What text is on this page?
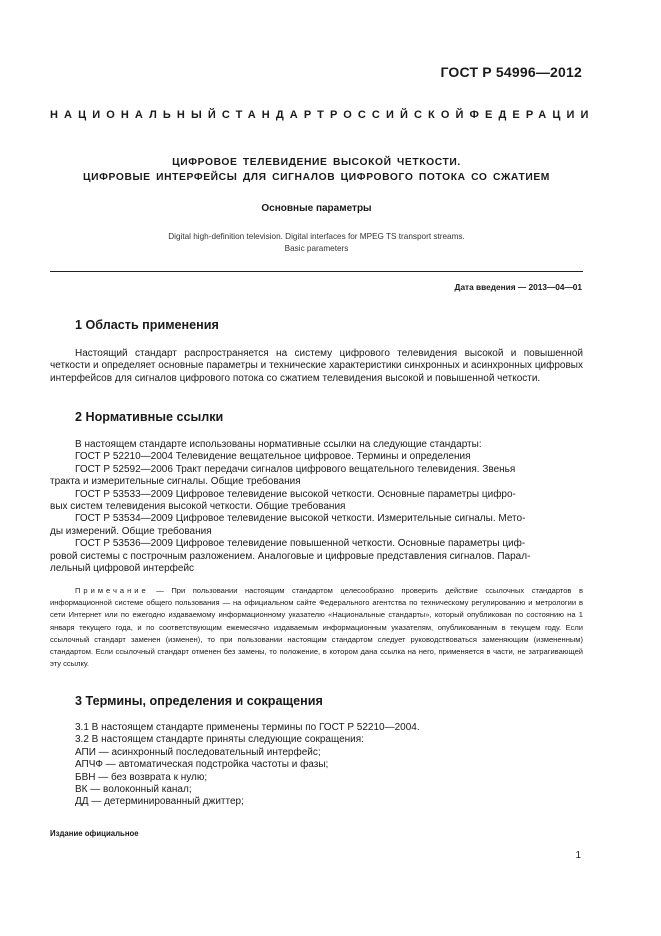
ГОСТ Р 54996—2012
НАЦИОНАЛЬНЫЙ СТАНДАРТ РОССИЙСКОЙ ФЕДЕРАЦИИ
ЦИФРОВОЕ ТЕЛЕВИДЕНИЕ ВЫСОКОЙ ЧЕТКОСТИ.
ЦИФРОВЫЕ ИНТЕРФЕЙСЫ ДЛЯ СИГНАЛОВ ЦИФРОВОГО ПОТОКА СО СЖАТИЕМ
Основные параметры
Digital high-definition television. Digital interfaces for MPEG TS transport streams.
Basic parameters
Дата введения — 2013—04—01
1 Область применения

Настоящий стандарт распространяется на систему цифрового телевидения высокой и повышенной четкости и определяет основные параметры и технические характеристики синхронных и асинхронных цифровых интерфейсов для сигналов цифрового потока со сжатием телевидения высокой и повышенной четкости.

2 Нормативные ссылки
В настоящем стандарте использованы нормативные ссылки на следующие стандарты:
ГОСТ Р 52210—2004 Телевидение вещательное цифровое. Термины и определения
ГОСТ Р 52592—2006 Тракт передачи сигналов цифрового вещательного телевидения. Звенья
тракта и измерительные сигналы. Общие требования
ГОСТ Р 53533—2009 Цифровое телевидение высокой четкости. Основные параметры цифро-
вых систем телевидения высокой четкости. Общие требования
ГОСТ Р 53534—2009 Цифровое телевидение высокой четкости. Измерительные сигналы. Мето-
ды измерений. Общие требования
ГОСТ Р 53536—2009 Цифровое телевидение повышенной четкости. Основные параметры циф-
ровой системы с построчным разложением. Аналоговые и цифровые представления сигналов. Парал-
лельный цифровой интерфейс

Примечание — При пользовании настоящим стандартом целесообразно проверить действие ссылочных стандартов в информационной системе общего пользования — на официальном сайте Федерального агентства по техническому регулированию и метрологии в сети Интернет или по ежегодно издаваемому информационному указателю «Национальные стандарты», который опубликован по состоянию на 1 января текущего года, и по соответствующим ежемесячно издаваемым информационным указателям, опубликованным в текущем году. Если ссылочный стандарт заменен (изменен), то при пользовании настоящим стандартом следует руководствоваться заменяющим (измененным) стандартом. Если ссылочный стандарт отменен без замены, то положение, в котором дана ссылка на него, применяется в части, не затрагивающей эту ссылку.

3 Термины, определения и сокращения
3.1 В настоящем стандарте применены термины по ГОСТ Р 52210—2004.
3.2 В настоящем стандарте приняты следующие сокращения:
АПИ — асинхронный последовательный интерфейс;
АПЧФ — автоматическая подстройка частоты и фазы;
БВН — без возврата к нулю;
ВК — волоконный канал;
ДД — детерминированный джиттер;
Издание официальное
1
